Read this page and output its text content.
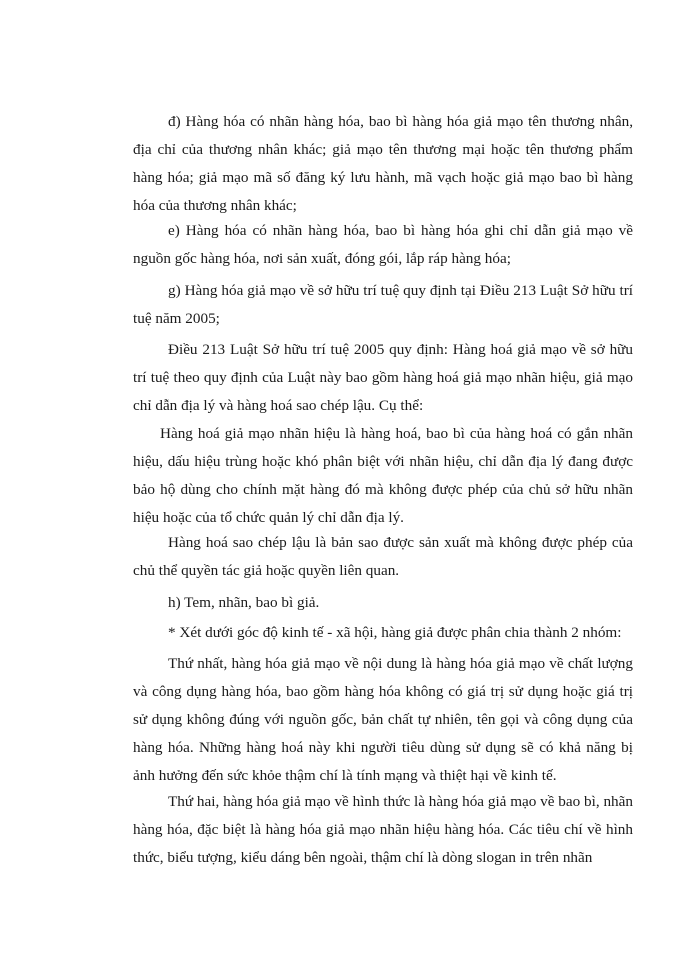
đ) Hàng hóa có nhãn hàng hóa, bao bì hàng hóa giả mạo tên thương nhân, địa chỉ của thương nhân khác; giả mạo tên thương mại hoặc tên thương phẩm hàng hóa; giả mạo mã số đăng ký lưu hành, mã vạch hoặc giả mạo bao bì hàng hóa của thương nhân khác;

e) Hàng hóa có nhãn hàng hóa, bao bì hàng hóa ghi chỉ dẫn giả mạo về nguồn gốc hàng hóa, nơi sản xuất, đóng gói, lắp ráp hàng hóa;

g) Hàng hóa giả mạo về sở hữu trí tuệ quy định tại Điều 213 Luật Sở hữu trí tuệ năm 2005;

Điều 213 Luật Sở hữu trí tuệ 2005 quy định: Hàng hoá giả mạo về sở hữu trí tuệ theo quy định của Luật này bao gồm hàng hoá giả mạo nhãn hiệu, giả mạo chỉ dẫn địa lý và hàng hoá sao chép lậu. Cụ thể:

Hàng hoá giả mạo nhãn hiệu là hàng hoá, bao bì của hàng hoá có gắn nhãn hiệu, dấu hiệu trùng hoặc khó phân biệt với nhãn hiệu, chỉ dẫn địa lý đang được bảo hộ dùng cho chính mặt hàng đó mà không được phép của chủ sở hữu nhãn hiệu hoặc của tổ chức quản lý chỉ dẫn địa lý.

Hàng hoá sao chép lậu là bản sao được sản xuất mà không được phép của chủ thể quyền tác giả hoặc quyền liên quan.

h) Tem, nhãn, bao bì giả.

* Xét dưới góc độ kinh tế - xã hội, hàng giả được phân chia thành 2 nhóm:

Thứ nhất, hàng hóa giả mạo về nội dung là hàng hóa giả mạo về chất lượng và công dụng hàng hóa, bao gồm hàng hóa không có giá trị sử dụng hoặc giá trị sử dụng không đúng với nguồn gốc, bản chất tự nhiên, tên gọi và công dụng của hàng hóa. Những hàng hoá này khi người tiêu dùng sử dụng sẽ có khả năng bị ảnh hưởng đến sức khỏe thậm chí là tính mạng và thiệt hại về kinh tế.

Thứ hai, hàng hóa giả mạo về hình thức là hàng hóa giả mạo về bao bì, nhãn hàng hóa, đặc biệt là hàng hóa giả mạo nhãn hiệu hàng hóa. Các tiêu chí về hình thức, biểu tượng, kiểu dáng bên ngoài, thậm chí là dòng slogan in trên nhãn
